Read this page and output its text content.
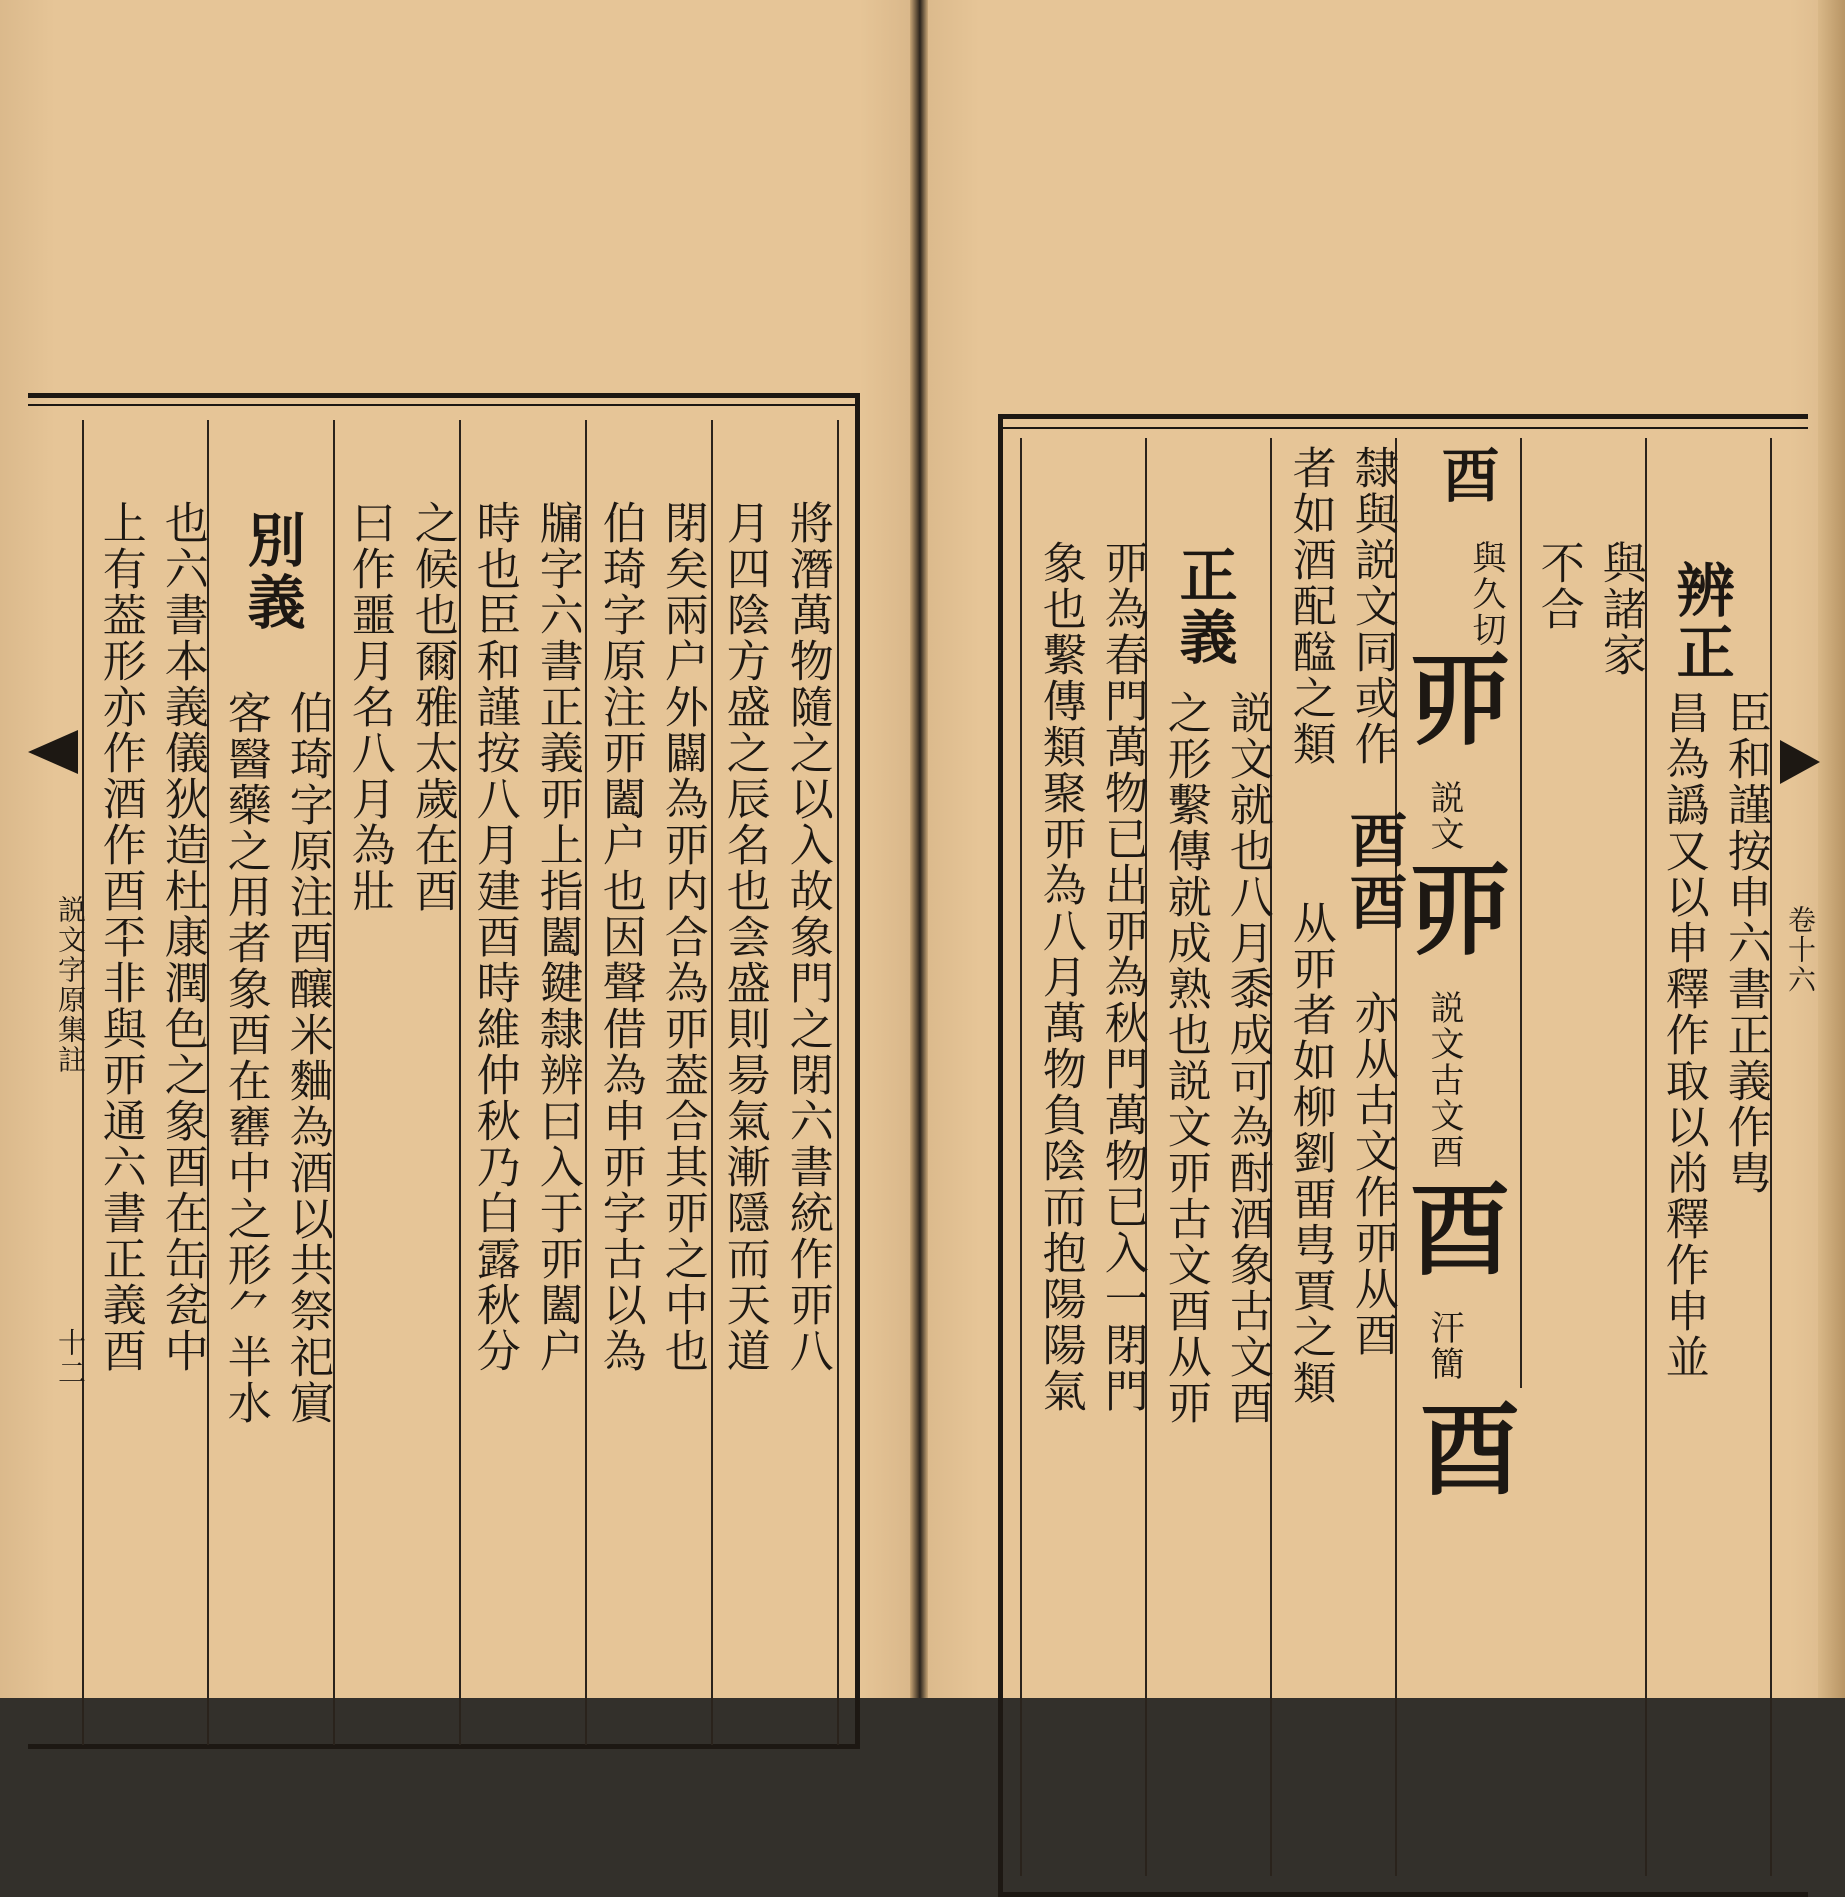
將潛萬物隨之以入故象門之閉六書統作丣八
月四陰方盛之辰名也侌盛則昜氣漸隱而天道
閉矣兩户外闢為丣内合為丣葢合其丣之中也
伯琦字原注丣闔户也因聲借為申丣字古以為
牖字六書正義丣上指闔鍵隸辨曰入于丣闔户
時也臣和謹按八月建酉時維仲秋乃白露秋分
之候也爾雅太歲在酉
曰作噩月名八月為壯
別義
伯琦字原注酉釀米麯為酒以共祭祀賔
客醫藥之用者象酉在罋中之形⺈半水
也六書本義儀狄造杜康潤色之象酉在缶瓫中
上有葢形亦作酒作酉㔻非與丣通六書正義酉
説文字原集註
十二
辨正
臣和謹按申六書正義作㽕
昌為譌又以申釋作取以㡀釋作申並
與諸家
不合
酉
與久切
丣
説文
丣
説文古文酉
酉
汗簡
酉
隸與説文同或作
者如酒配䤈之類
酉酉
亦从古文作丣从酉
从丣者如柳劉畱㽕賈之類
正義
説文就也八月黍成可為酎酒象古文酉
之形繫傳就成熟也説文丣古文酉从丣
丣為春門萬物已出丣為秋門萬物已入一閉門
象也繫傳類聚丣為八月萬物負陰而抱陽陽氣	卷十六
